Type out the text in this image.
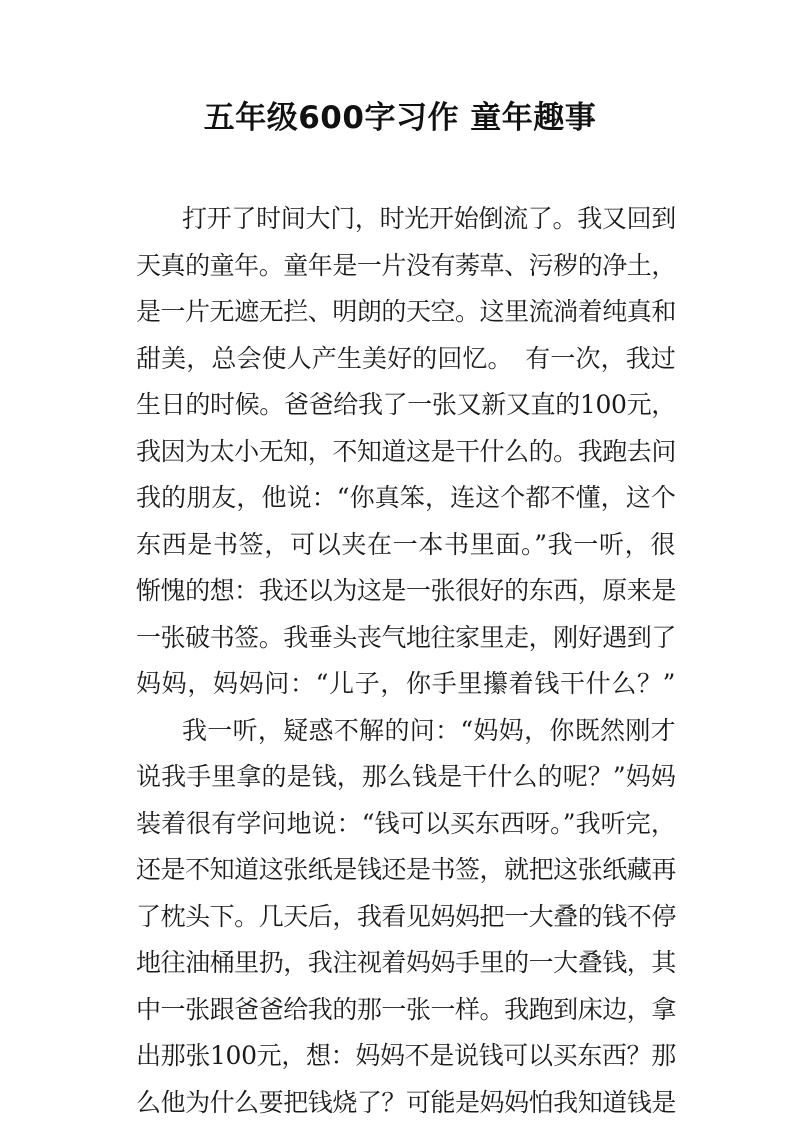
五年级600字习作 童年趣事
打开了时间大门，时光开始倒流了。我又回到
天真的童年。童年是一片没有莠草、污秽的净土，
是一片无遮无拦、明朗的天空。这里流淌着纯真和
甜美，总会使人产生美好的回忆。　有一次，我过
生日的时候。爸爸给我了一张又新又直的100元，
我因为太小无知，不知道这是干什么的。我跑去问
我的朋友，他说：“你真笨，连这个都不懂，这个
东西是书签，可以夹在一本书里面。”我一听，很
惭愧的想：我还以为这是一张很好的东西，原来是
一张破书签。我垂头丧气地往家里走，刚好遇到了
妈妈，妈妈问：“儿子，你手里攥着钱干什么？”
我一听，疑惑不解的问：“妈妈，你既然刚才
说我手里拿的是钱，那么钱是干什么的呢？”妈妈
装着很有学问地说：“钱可以买东西呀。”我听完，
还是不知道这张纸是钱还是书签，就把这张纸藏再
了枕头下。几天后，我看见妈妈把一大叠的钱不停
地往油桶里扔，我注视着妈妈手里的一大叠钱，其
中一张跟爸爸给我的那一张一样。我跑到床边，拿
出那张100元，想：妈妈不是说钱可以买东西？那
么他为什么要把钱烧了？可能是妈妈怕我知道钱是
